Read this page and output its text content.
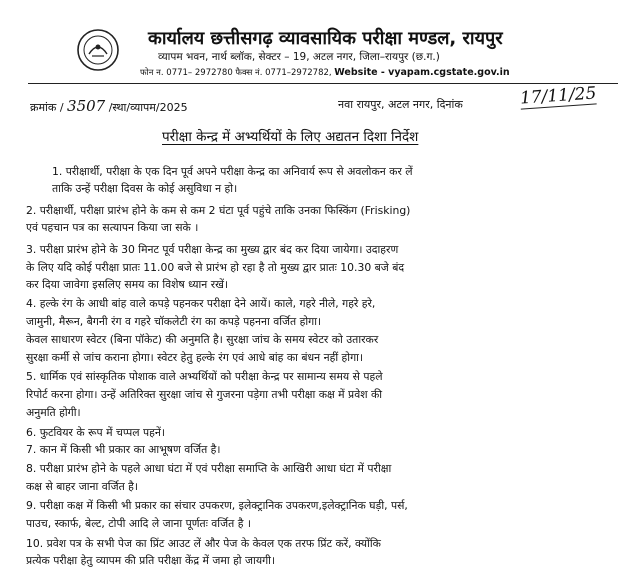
कार्यालय छत्तीसगढ़ व्यावसायिक परीक्षा मण्डल, रायपुर
व्यापम भवन, नार्थ ब्लॉक, सेक्टर – 19, अटल नगर, जिला–रायपुर (छ.ग.)
फोन न. 0771– 2972780 फैक्स नं. 0771–2972782, Website - vyapam.cgstate.gov.in
क्रमांक / 3507 /स्था/व्यापम/2025	नवा रायपुर, अटल नगर, दिनांक	17/11/25
परीक्षा केन्द्र में अभ्यर्थियों के लिए अद्यतन दिशा निर्देश
1. परीक्षार्थी, परीक्षा के एक दिन पूर्व अपने परीक्षा केन्द्र का अनिवार्य रूप से अवलोकन कर लें
ताकि उन्हें परीक्षा दिवस के कोई असुविधा न हो।
2. परीक्षार्थी, परीक्षा प्रारंभ होने के कम से कम 2 घंटा पूर्व पहुंचे ताकि उनका फिस्किंग (Frisking)
एवं पहचान पत्र का सत्यापन किया जा सके ।
3. परीक्षा प्रारंभ होने के 30 मिनट पूर्व परीक्षा केन्द्र का मुख्य द्वार बंद कर दिया जायेगा। उदाहरण
के लिए यदि कोई परीक्षा प्रातः 11.00 बजे से प्रारंभ हो रहा है तो मुख्य द्वार प्रातः 10.30 बजे बंद
कर दिया जावेगा इसलिए समय का विशेष ध्यान रखें।
4. हल्के रंग के आधी बांह वाले कपड़े पहनकर परीक्षा देने आयें। काले, गहरे नीले, गहरे हरे,
जामुनी, मैरून, बैगनी रंग व गहरे चॉकलेटी रंग का कपड़े पहनना वर्जित होगा।
केवल साधारण स्वेटर (बिना पॉकेट) की अनुमति है। सुरक्षा जांच के समय स्वेटर को उतारकर
सुरक्षा कर्मी से जांच कराना होगा। स्वेटर हेतु हल्के रंग एवं आधे बांह का बंधन नहीं होगा।
5. धार्मिक एवं सांस्कृतिक पोशाक वाले अभ्यर्थियों को परीक्षा केन्द्र पर सामान्य समय से पहले
रिपोर्ट करना होगा। उन्हें अतिरिक्त सुरक्षा जांच से गुजरना पड़ेगा तभी परीक्षा कक्ष में प्रवेश की
अनुमति होगी।
6. फुटवियर के रूप में चप्पल पहनें।
7. कान में किसी भी प्रकार का आभूषण वर्जित है।
8. परीक्षा प्रारंभ होने के पहले आधा घंटा में एवं परीक्षा समाप्ति के आखिरी आधा घंटा में परीक्षा
कक्ष से बाहर जाना वर्जित है।
9. परीक्षा कक्ष में किसी भी प्रकार का संचार उपकरण, इलेक्ट्रानिक उपकरण,इलेक्ट्रानिक घड़ी, पर्स,
पाउच, स्कार्फ, बेल्ट, टोपी आदि ले जाना पूर्णतः वर्जित है ।
10. प्रवेश पत्र के सभी पेज का प्रिंट आउट लें और पेज के केवल एक तरफ प्रिंट करें, क्योंकि
प्रत्येक परीक्षा हेतु व्यापम की प्रति परीक्षा केंद्र में जमा हो जायगी।
